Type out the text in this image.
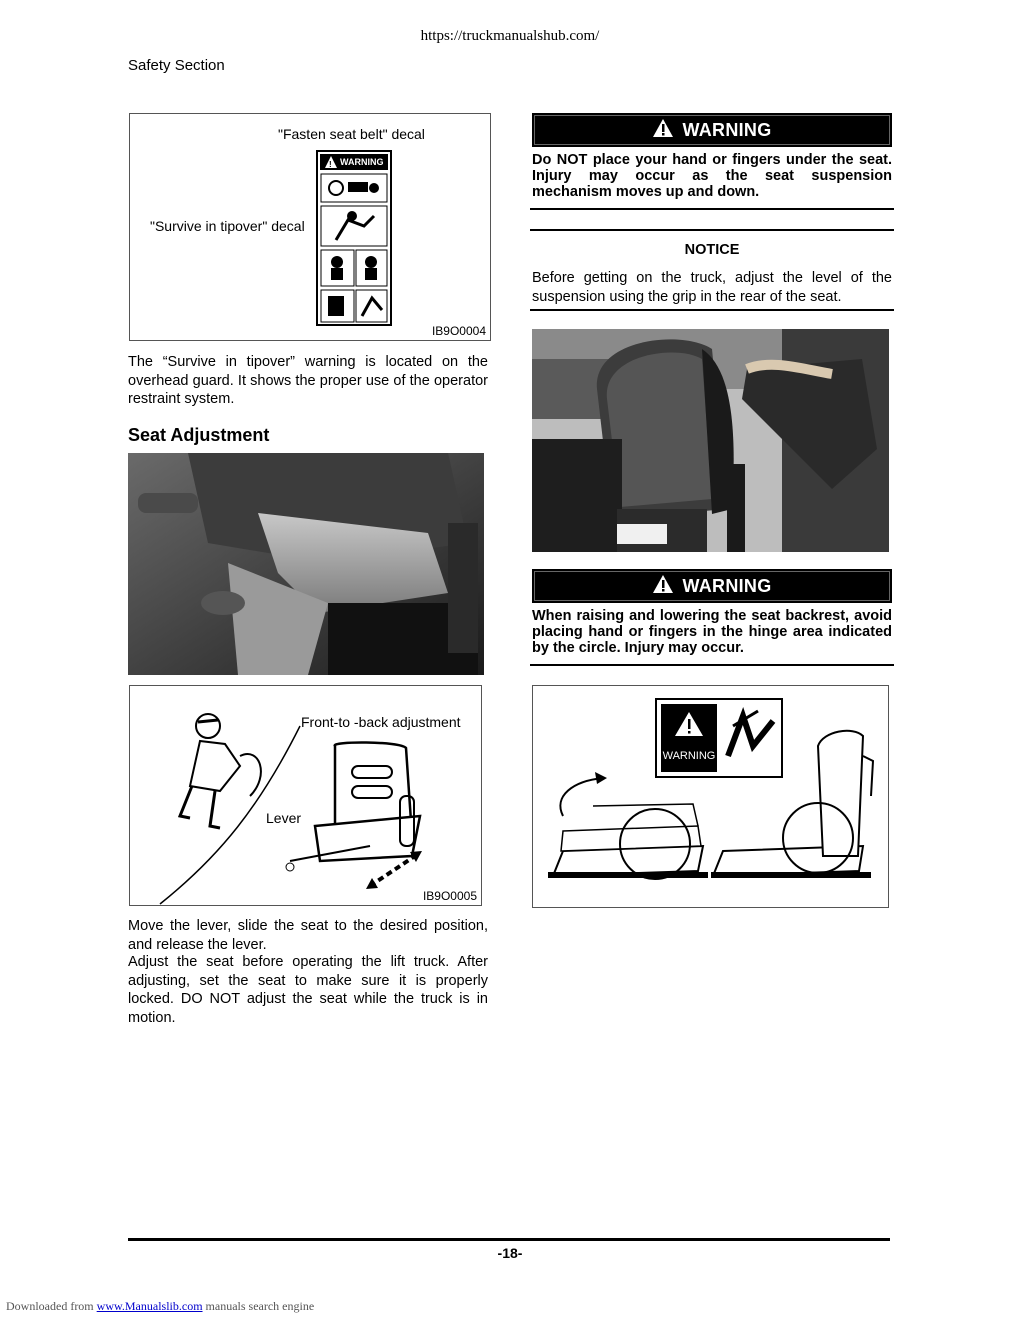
https://truckmanualshub.com/
Safety Section
"Fasten seat belt" decal
"Survive in tipover" decal
! WARNING
IB9O0004
The “Survive in tipover” warning is located on the overhead guard. It shows the proper use of the operator restraint system.
Seat Adjustment
Front-to -back adjustment
Lever
IB9O0005
Move the lever, slide the seat to the desired position, and release the lever.
Adjust the seat before operating the lift truck. After adjusting, set the seat to make sure it is properly locked. DO NOT adjust the seat while the truck is in motion.
WARNING
Do NOT place your hand or fingers under the seat. Injury may occur as the seat suspension mechanism moves up and down.
NOTICE
Before getting on the truck, adjust the level of the suspension using the grip in the rear of the seat.
WARNING
When raising and lowering the seat backrest, avoid placing hand or fingers in the hinge area indicated by the circle. Injury may occur.
WARNING
-18-
Downloaded from www.Manualslib.com manuals search engine
